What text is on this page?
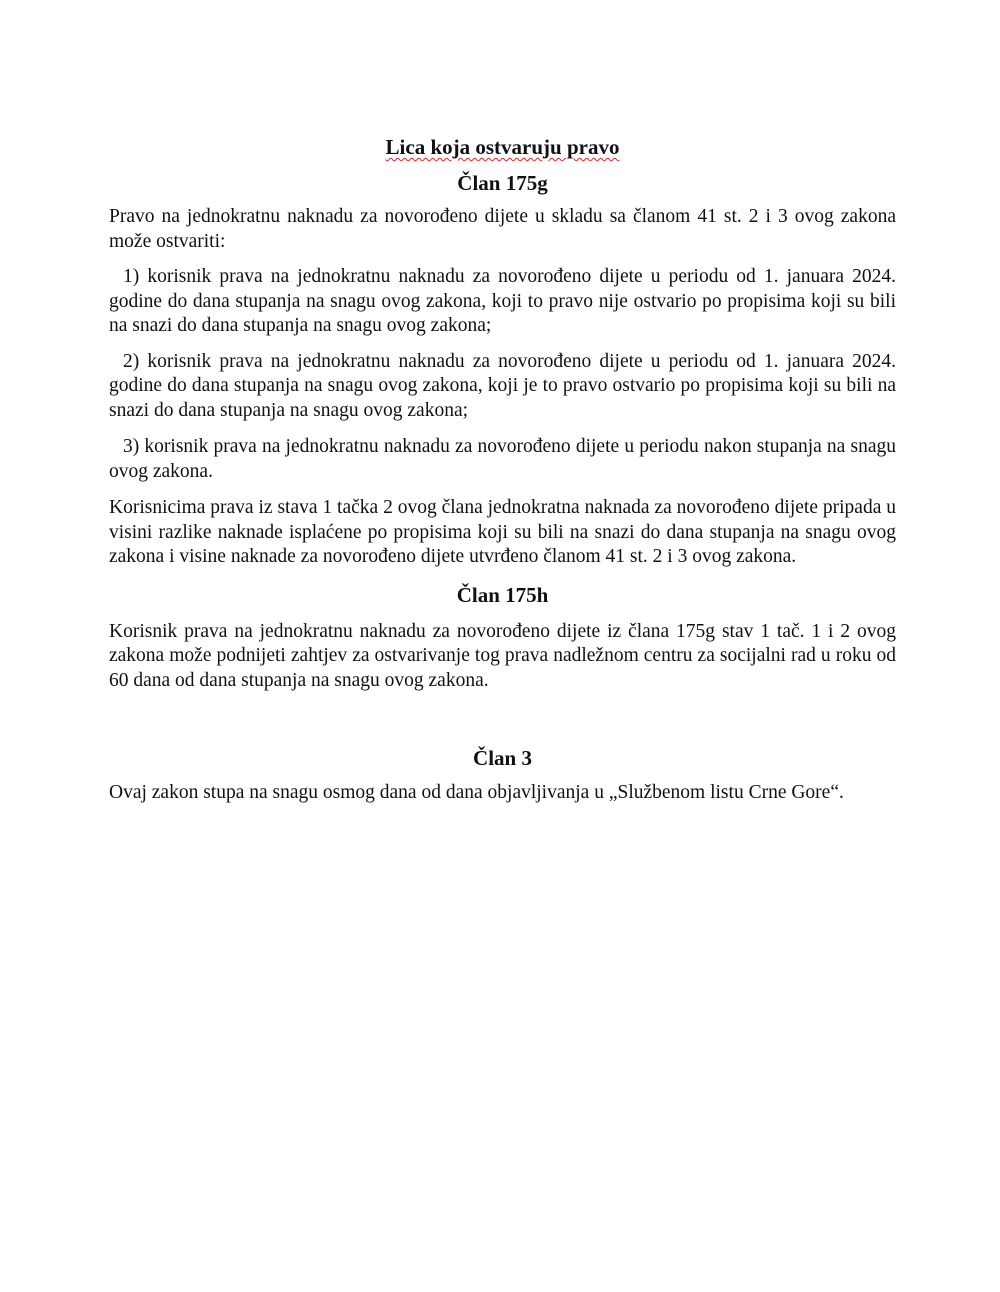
Lica koja ostvaruju pravo

Član 175g

Pravo na jednokratnu naknadu za novorođeno dijete u skladu sa članom 41 st. 2 i 3 ovog zakona može ostvariti:

1) korisnik prava na jednokratnu naknadu za novorođeno dijete u periodu od 1. januara 2024. godine do dana stupanja na snagu ovog zakona, koji to pravo nije ostvario po propisima koji su bili na snazi do dana stupanja na snagu ovog zakona;

2) korisnik prava na jednokratnu naknadu za novorođeno dijete u periodu od 1. januara 2024. godine do dana stupanja na snagu ovog zakona, koji je to pravo ostvario po propisima koji su bili na snazi do dana stupanja na snagu ovog zakona;

3) korisnik prava na jednokratnu naknadu za novorođeno dijete u periodu nakon stupanja na snagu ovog zakona.

Korisnicima prava iz stava 1 tačka 2 ovog člana jednokratna naknada za novorođeno dijete pripada u visini razlike naknade isplaćene po propisima koji su bili na snazi do dana stupanja na snagu ovog zakona i visine naknade za novorođeno dijete utvrđeno članom 41 st. 2 i 3 ovog zakona.

Član 175h

Korisnik prava na jednokratnu naknadu za novorođeno dijete iz člana 175g stav 1 tač. 1 i 2 ovog zakona može podnijeti zahtjev za ostvarivanje tog prava nadležnom centru za socijalni rad u roku od 60 dana od dana stupanja na snagu ovog zakona.

Član 3

Ovaj zakon stupa na snagu osmog dana od dana objavljivanja u „Službenom listu Crne Gore“.
